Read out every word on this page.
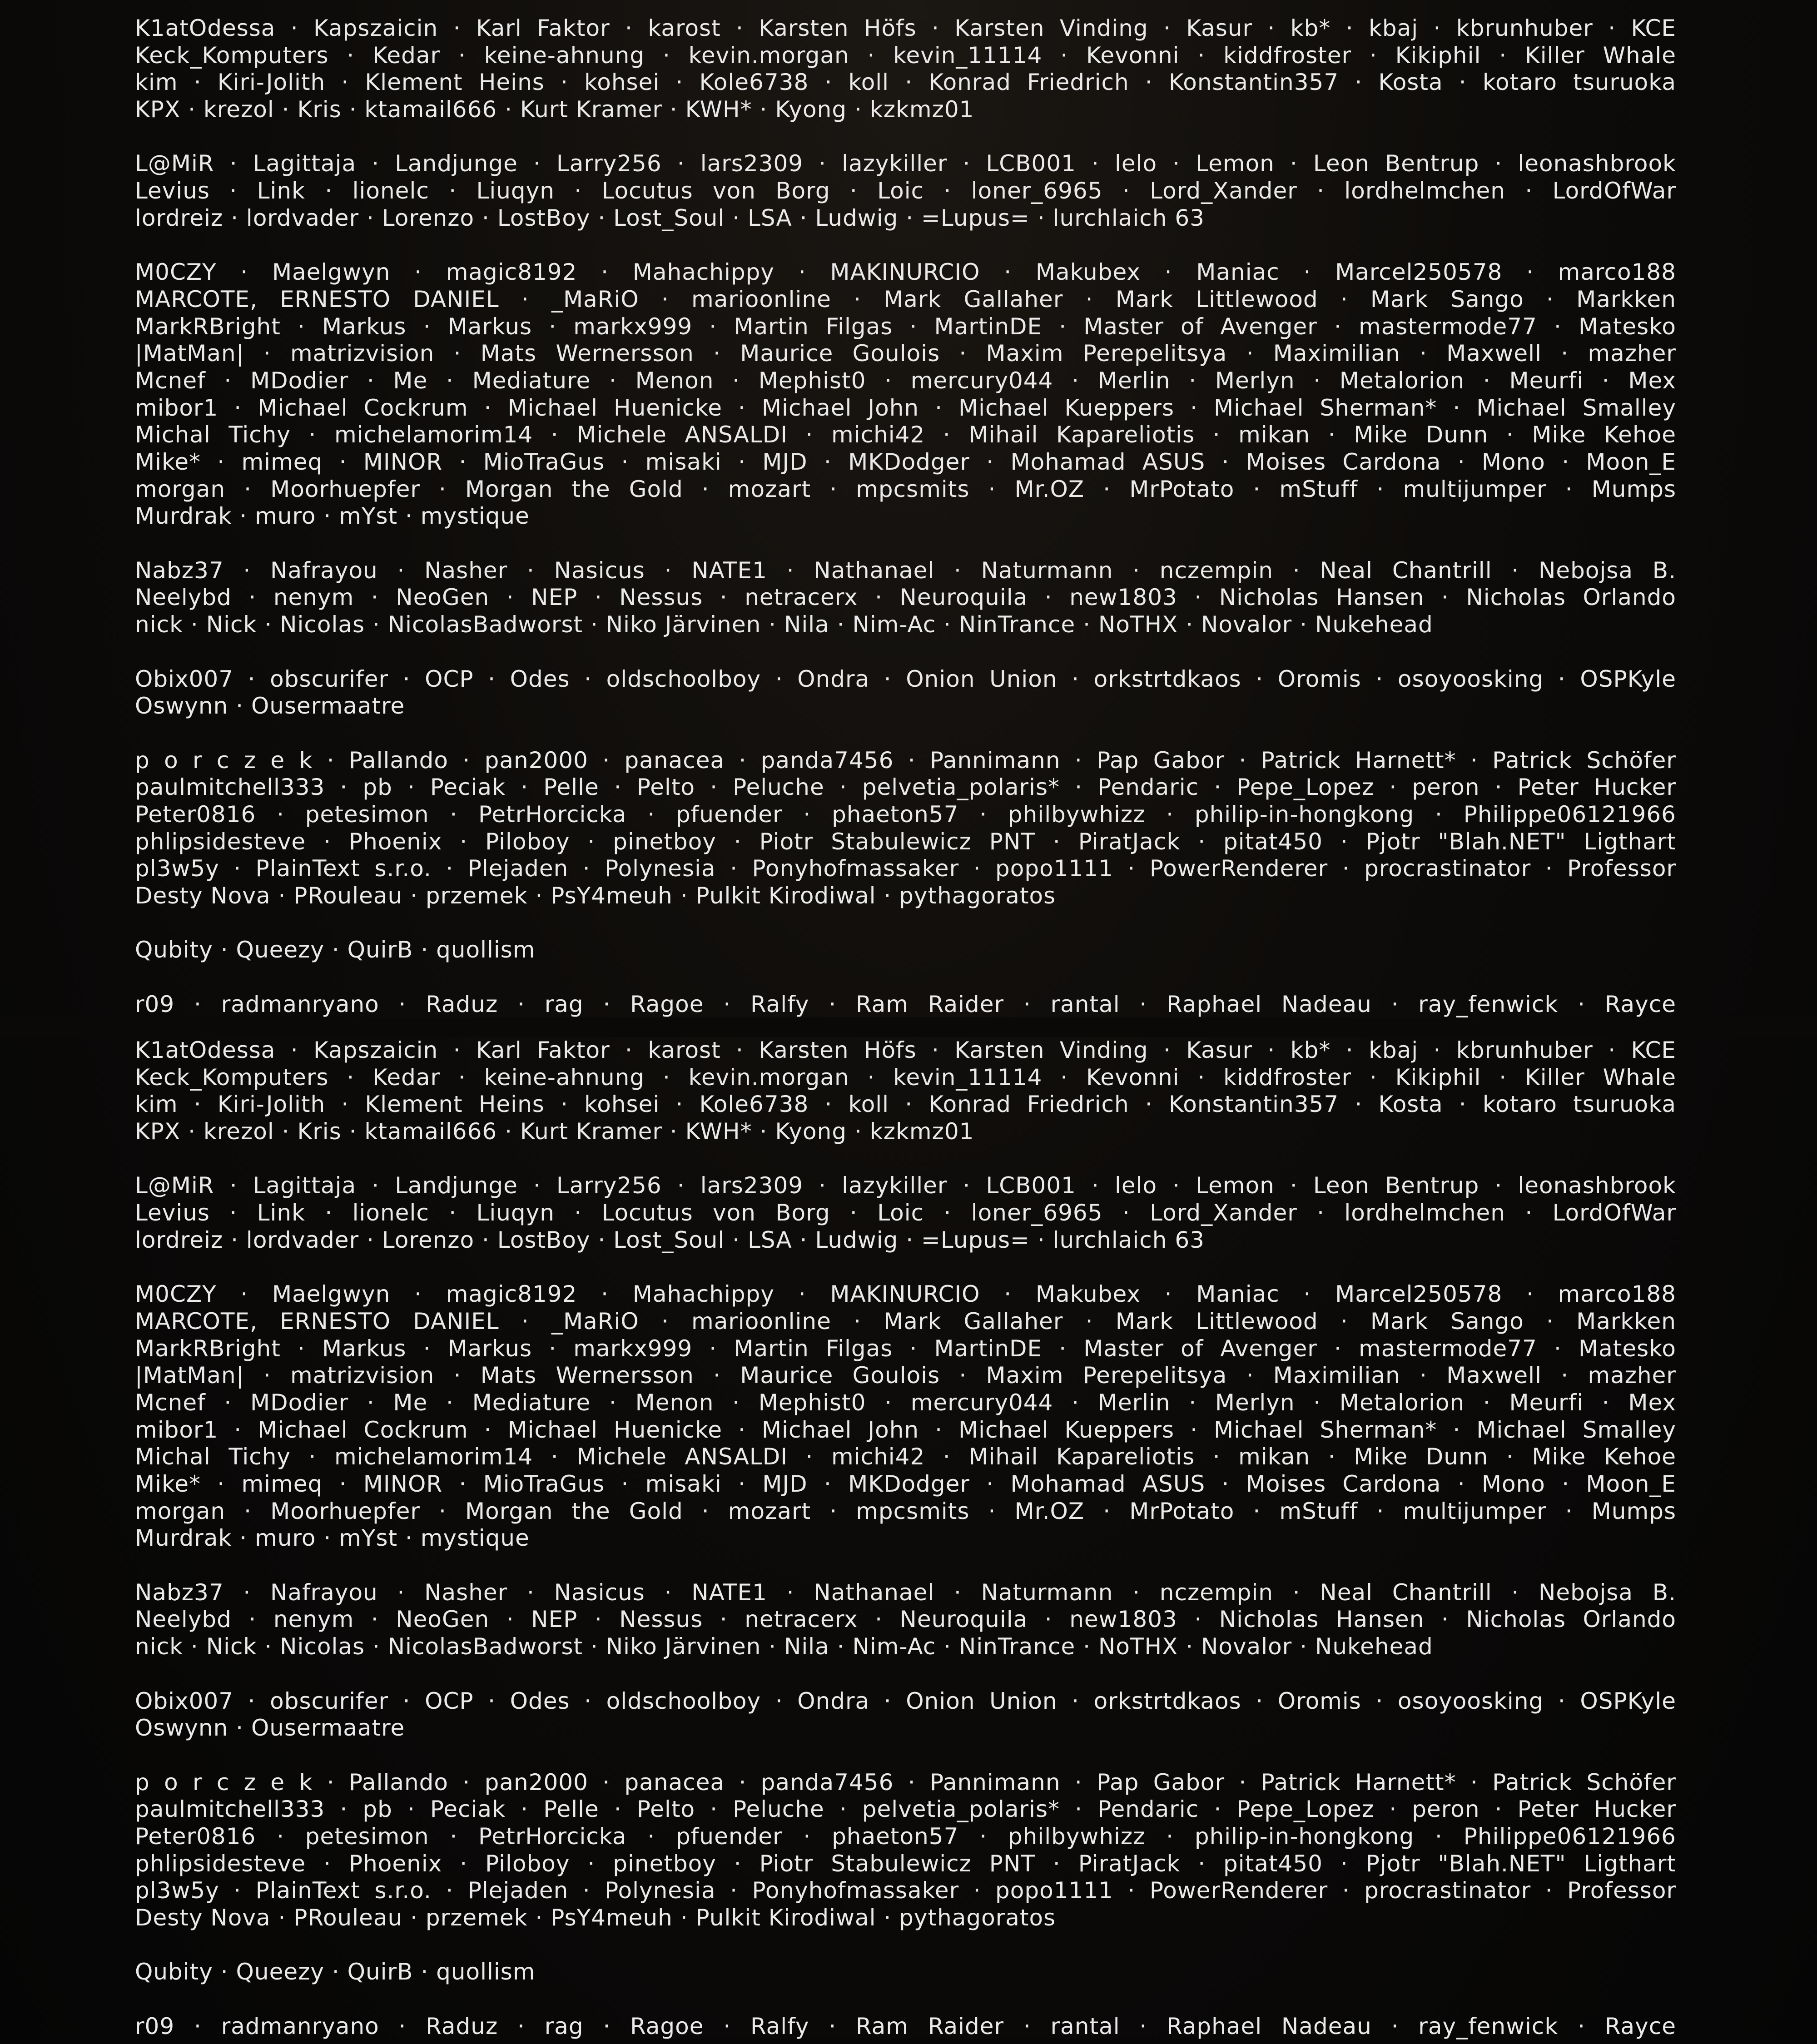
K1atOdessa · Kapszaicin · Karl Faktor · karost · Karsten Höfs · Karsten Vinding · Kasur · kb* · kbaj · kbrunhuber · KCE
Keck_Komputers · Kedar · keine-ahnung · kevin.morgan · kevin_11114 · Kevonni · kiddfroster · Kikiphil · Killer Whale
kim · Kiri-Jolith · Klement Heins · kohsei · Kole6738 · koll · Konrad Friedrich · Konstantin357 · Kosta · kotaro tsuruoka
KPX · krezol · Kris · ktamail666 · Kurt Kramer · KWH* · Kyong · kzkmz01
L@MiR · Lagittaja · Landjunge · Larry256 · lars2309 · lazykiller · LCB001 · lelo · Lemon · Leon Bentrup · leonashbrook
Levius · Link · lionelc · Liuqyn · Locutus von Borg · Loic · loner_6965 · Lord_Xander · lordhelmchen · LordOfWar
lordreiz · lordvader · Lorenzo · LostBoy · Lost_Soul · LSA · Ludwig · =Lupus= · lurchlaich 63
M0CZY · Maelgwyn · magic8192 · Mahachippy · MAKINURCIO · Makubex · Maniac · Marcel250578 · marco188
MARCOTE, ERNESTO DANIEL · _MaRiO · marioonline · Mark Gallaher · Mark Littlewood · Mark Sango · Markken
MarkRBright · Markus · Markus · markx999 · Martin Filgas · MartinDE · Master of Avenger · mastermode77 · Matesko
|MatMan| · matrizvision · Mats Wernersson · Maurice Goulois · Maxim Perepelitsya · Maximilian · Maxwell · mazher
Mcnef · MDodier · Me · Mediature · Menon · Mephist0 · mercury044 · Merlin · Merlyn · Metalorion · Meurfi · Mex
mibor1 · Michael Cockrum · Michael Huenicke · Michael John · Michael Kueppers · Michael Sherman* · Michael Smalley
Michal Tichy · michelamorim14 · Michele ANSALDI · michi42 · Mihail Kapareliotis · mikan · Mike Dunn · Mike Kehoe
Mike* · mimeq · MINOR · MioTraGus · misaki · MJD · MKDodger · Mohamad ASUS · Moises Cardona · Mono · Moon_E
morgan · Moorhuepfer · Morgan the Gold · mozart · mpcsmits · Mr.OZ · MrPotato · mStuff · multijumper · Mumps
Murdrak · muro · mYst · mystique
Nabz37 · Nafrayou · Nasher · Nasicus · NATE1 · Nathanael · Naturmann · nczempin · Neal Chantrill · Nebojsa B.
Neelybd · nenym · NeoGen · NEP · Nessus · netracerx · Neuroquila · new1803 · Nicholas Hansen · Nicholas Orlando
nick · Nick · Nicolas · NicolasBadworst · Niko Järvinen · Nila · Nim-Ac · NinTrance · NoTHX · Novalor · Nukehead
Obix007 · obscurifer · OCP · Odes · oldschoolboy · Ondra · Onion Union · orkstrtdkaos · Oromis · osoyoosking · OSPKyle
Oswynn · Ousermaatre
p o r c z e k · Pallando · pan2000 · panacea · panda7456 · Pannimann · Pap Gabor · Patrick Harnett* · Patrick Schöfer
paulmitchell333 · pb · Peciak · Pelle · Pelto · Peluche · pelvetia_polaris* · Pendaric · Pepe_Lopez · peron · Peter Hucker
Peter0816 · petesimon · PetrHorcicka · pfuender · phaeton57 · philbywhizz · philip-in-hongkong · Philippe06121966
phlipsidesteve · Phoenix · Piloboy · pinetboy · Piotr Stabulewicz PNT · PiratJack · pitat450 · Pjotr "Blah.NET" Ligthart
pl3w5y · PlainText s.r.o. · Plejaden · Polynesia · Ponyhofmassaker · popo1111 · PowerRenderer · procrastinator · Professor
Desty Nova · PRouleau · przemek · PsY4meuh · Pulkit Kirodiwal · pythagoratos
Qubity · Queezy · QuirB · quollism
r09 · radmanryano · Raduz · rag · Ragoe · Ralfy · Ram Raider · rantal · Raphael Nadeau · ray_fenwick · Rayce
K1atOdessa · Kapszaicin · Karl Faktor · karost · Karsten Höfs · Karsten Vinding · Kasur · kb* · kbaj · kbrunhuber · KCE
Keck_Komputers · Kedar · keine-ahnung · kevin.morgan · kevin_11114 · Kevonni · kiddfroster · Kikiphil · Killer Whale
kim · Kiri-Jolith · Klement Heins · kohsei · Kole6738 · koll · Konrad Friedrich · Konstantin357 · Kosta · kotaro tsuruoka
KPX · krezol · Kris · ktamail666 · Kurt Kramer · KWH* · Kyong · kzkmz01
L@MiR · Lagittaja · Landjunge · Larry256 · lars2309 · lazykiller · LCB001 · lelo · Lemon · Leon Bentrup · leonashbrook
Levius · Link · lionelc · Liuqyn · Locutus von Borg · Loic · loner_6965 · Lord_Xander · lordhelmchen · LordOfWar
lordreiz · lordvader · Lorenzo · LostBoy · Lost_Soul · LSA · Ludwig · =Lupus= · lurchlaich 63
M0CZY · Maelgwyn · magic8192 · Mahachippy · MAKINURCIO · Makubex · Maniac · Marcel250578 · marco188
MARCOTE, ERNESTO DANIEL · _MaRiO · marioonline · Mark Gallaher · Mark Littlewood · Mark Sango · Markken
MarkRBright · Markus · Markus · markx999 · Martin Filgas · MartinDE · Master of Avenger · mastermode77 · Matesko
|MatMan| · matrizvision · Mats Wernersson · Maurice Goulois · Maxim Perepelitsya · Maximilian · Maxwell · mazher
Mcnef · MDodier · Me · Mediature · Menon · Mephist0 · mercury044 · Merlin · Merlyn · Metalorion · Meurfi · Mex
mibor1 · Michael Cockrum · Michael Huenicke · Michael John · Michael Kueppers · Michael Sherman* · Michael Smalley
Michal Tichy · michelamorim14 · Michele ANSALDI · michi42 · Mihail Kapareliotis · mikan · Mike Dunn · Mike Kehoe
Mike* · mimeq · MINOR · MioTraGus · misaki · MJD · MKDodger · Mohamad ASUS · Moises Cardona · Mono · Moon_E
morgan · Moorhuepfer · Morgan the Gold · mozart · mpcsmits · Mr.OZ · MrPotato · mStuff · multijumper · Mumps
Murdrak · muro · mYst · mystique
Nabz37 · Nafrayou · Nasher · Nasicus · NATE1 · Nathanael · Naturmann · nczempin · Neal Chantrill · Nebojsa B.
Neelybd · nenym · NeoGen · NEP · Nessus · netracerx · Neuroquila · new1803 · Nicholas Hansen · Nicholas Orlando
nick · Nick · Nicolas · NicolasBadworst · Niko Järvinen · Nila · Nim-Ac · NinTrance · NoTHX · Novalor · Nukehead
Obix007 · obscurifer · OCP · Odes · oldschoolboy · Ondra · Onion Union · orkstrtdkaos · Oromis · osoyoosking · OSPKyle
Oswynn · Ousermaatre
p o r c z e k · Pallando · pan2000 · panacea · panda7456 · Pannimann · Pap Gabor · Patrick Harnett* · Patrick Schöfer
paulmitchell333 · pb · Peciak · Pelle · Pelto · Peluche · pelvetia_polaris* · Pendaric · Pepe_Lopez · peron · Peter Hucker
Peter0816 · petesimon · PetrHorcicka · pfuender · phaeton57 · philbywhizz · philip-in-hongkong · Philippe06121966
phlipsidesteve · Phoenix · Piloboy · pinetboy · Piotr Stabulewicz PNT · PiratJack · pitat450 · Pjotr "Blah.NET" Ligthart
pl3w5y · PlainText s.r.o. · Plejaden · Polynesia · Ponyhofmassaker · popo1111 · PowerRenderer · procrastinator · Professor
Desty Nova · PRouleau · przemek · PsY4meuh · Pulkit Kirodiwal · pythagoratos
Qubity · Queezy · QuirB · quollism
r09 · radmanryano · Raduz · rag · Ragoe · Ralfy · Ram Raider · rantal · Raphael Nadeau · ray_fenwick · Rayce
